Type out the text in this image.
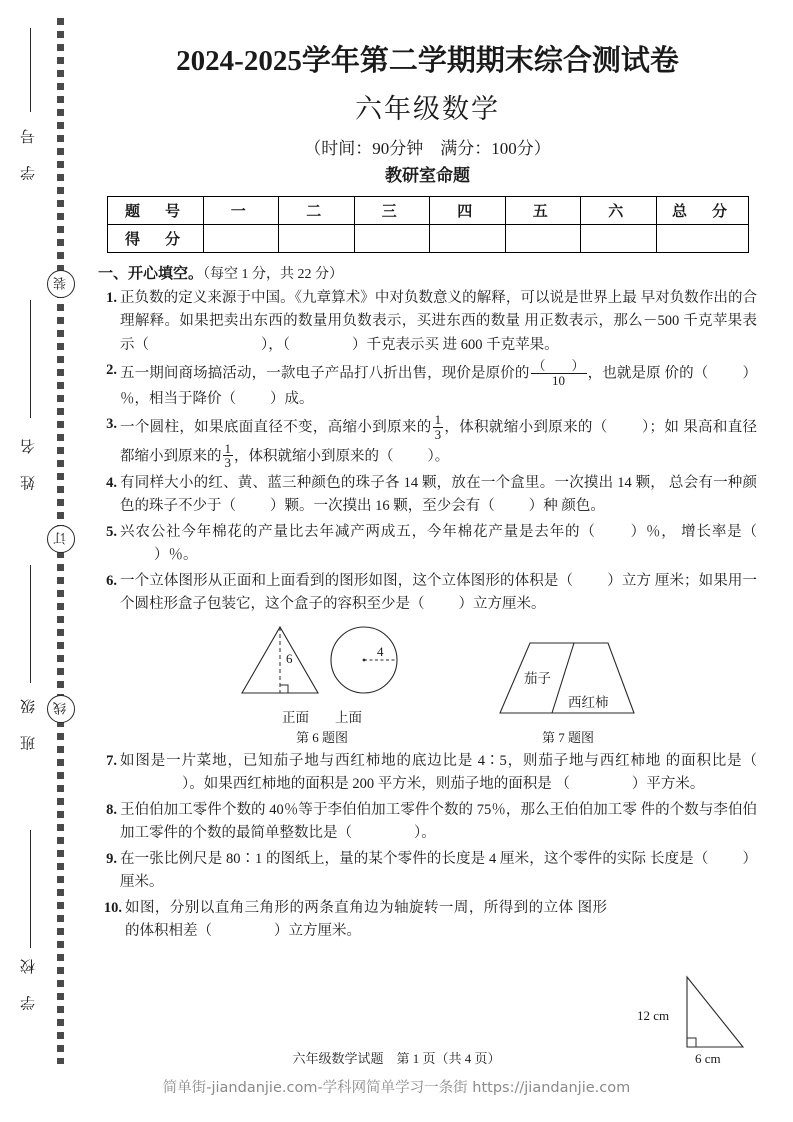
学 号
姓 名
班 级
学 校
装
订
线
2024-2025学年第二学期期末综合测试卷
六年级数学
（时间：90分钟　满分：100分）
教研室命题
题　号	一	二	三	四	五	六	总　分
得　分							
一、开心填空。（每空 1 分，共 22 分）
1. 正负数的定义来源于中国。《九章算术》中对负数意义的解释，可以说是世界上最 早对负数作出的合理解释。如果把卖出东西的数量用负数表示，买进东西的数量 用正数表示，那么－500 千克苹果表示（	），（	）千克表示买 进 600 千克苹果。
2. 五一期间商场搞活动，一款电子产品打八折出售，现价是原价的 $\frac{( )}{10}$ ，也就是原 价的（ ）％，相当于降价（ ）成。
3. 一个圆柱，如果底面直径不变，高缩小到原来的 $\frac{1}{3}$ ，体积就缩小到原来的（ ）；如 果高和直径都缩小到原来的 $\frac{1}{3}$ ，体积就缩小到原来的（ ）。
4. 有同样大小的红、黄、蓝三种颜色的珠子各 14 颗，放在一个盒里。一次摸出 14 颗， 总会有一种颜色的珠子不少于（ ）颗。一次摸出 16 颗，至少会有（ ）种 颜色。
5. 兴农公社今年棉花的产量比去年减产两成五，今年棉花产量是去年的（ ）％， 增长率是（）％。
6. 一个立体图形从正面和上面看到的图形如图，这个立体图形的体积是（ ）立方 厘米；如果用一个圆柱形盒子包装它，这个盒子的容积至少是（ ）立方厘米。
6	4
正面 上面
第 6 题图
茄子
西红柿
第 7 题图
7. 如图是一片菜地，已知茄子地与西红柿地的底边比是 4∶5，则茄子地与西红柿地 的面积比是（）。如果西红柿地的面积是 200 平方米，则茄子地的面积是 （	）平方米。
8. 王伯伯加工零件个数的 40％等于李伯伯加工零件个数的 75％，那么王伯伯加工零 件的个数与李伯伯加工零件的个数的最简单整数比是（	）。
9. 在一张比例尺是 80∶1 的图纸上，量的某个零件的长度是 4 厘米，这个零件的实际 长度是（ ）厘米。
10. 如图，分别以直角三角形的两条直角边为轴旋转一周，所得到的立体 图形的体积相差（	）立方厘米。
12 cm
6 cm
六年级数学试题　第 1 页（共 4 页）
简单街-jiandanjie.com-学科网简单学习一条街 https://jiandanjie.com
